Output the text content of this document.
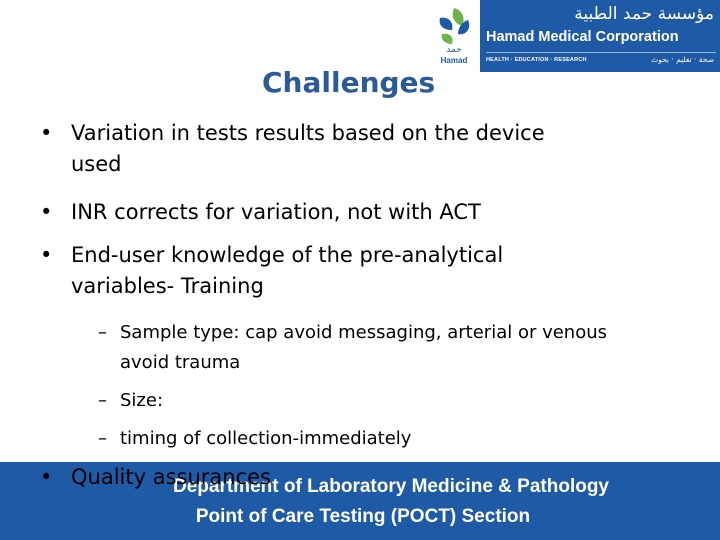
حمد
Hamad
مؤسسة حمد الطبية
Hamad Medical Corporation
HEALTH · EDUCATION · RESEARCH	صحة · تعليم · بحوث
Challenges
• Variation in tests results based on the device
used
• INR corrects for variation, not with ACT
• End-user knowledge of the pre-analytical
variables- Training
– Sample type: cap avoid messaging, arterial or venous
avoid trauma
– Size:
– timing of collection-immediately
Department of Laboratory Medicine & Pathology
Point of Care Testing (POCT) Section
• Quality assurances
